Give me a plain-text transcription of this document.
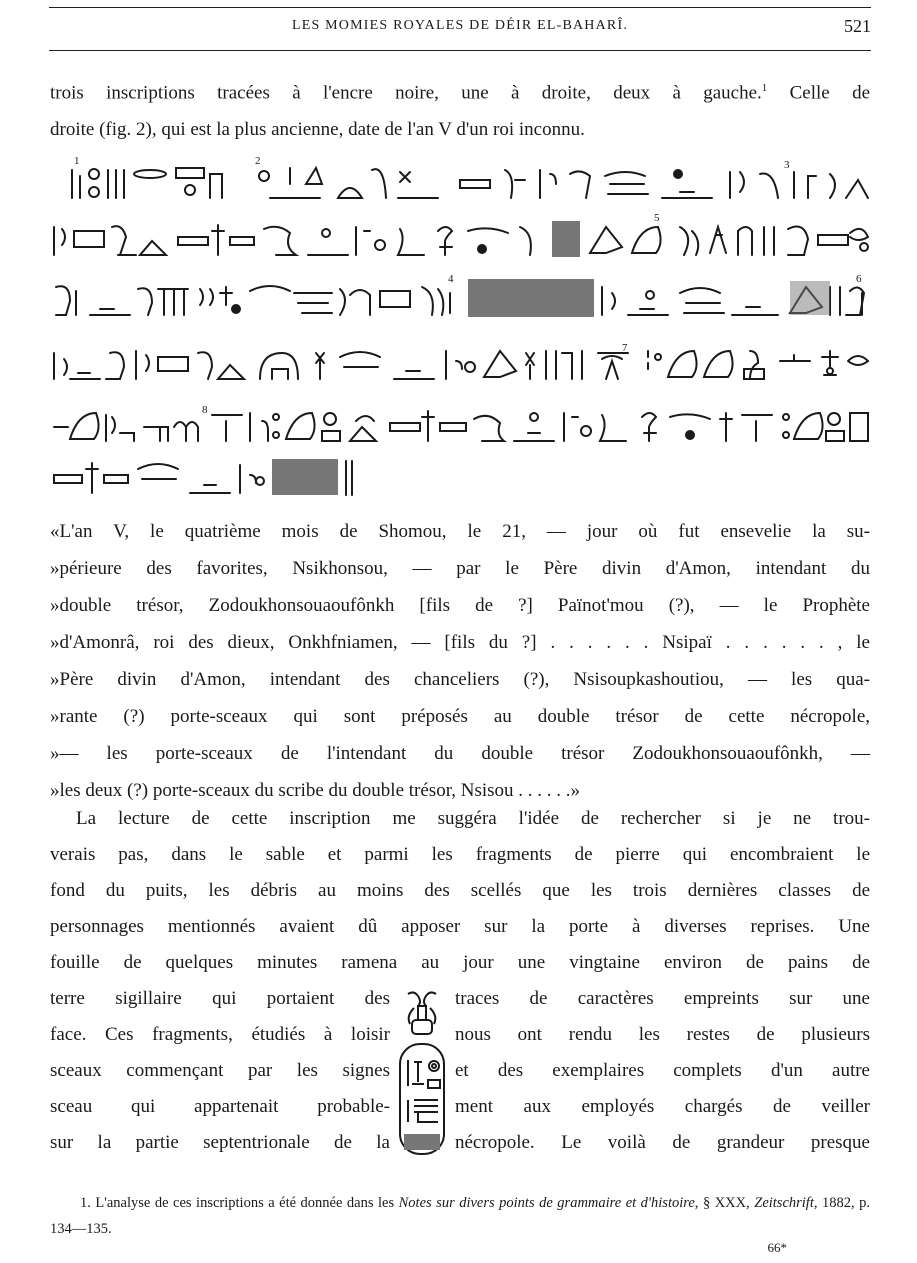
LES MOMIES ROYALES DE DÉIR EL-BAHARÎ.	521
trois inscriptions tracées à l'encre noire, une à droite, deux à gauche.$^1$ Celle de
droite (fig. 2), qui est la plus ancienne, date de l'an V d'un roi inconnu.
1	2	3
4
5
6
7
8
«L'an V, le quatrième mois de Shomou, le 21, — jour où fut ensevelie la su-
»périeure des favorites, Nsikhonsou, — par le Père divin d'Amon, intendant du
»double trésor, Zodoukhonsouaoufônkh [fils de ?] Païnot'mou (?), — le Prophète
»d'Amonrâ, roi des dieux, Onkhfniamen, — [fils du ?] . . . . . . Nsipaï . . . . . . , le
»Père divin d'Amon, intendant des chanceliers (?), Nsisoupkashoutiou, — les qua-
»rante (?) porte-sceaux qui sont préposés au double trésor de cette nécropole,
»— les porte-sceaux de l'intendant du double trésor Zodoukhonsouaoufônkh, —
»les deux (?) porte-sceaux du scribe du double trésor, Nsisou . . . . . .»
La lecture de cette inscription me suggéra l'idée de rechercher si je ne trou-
verais pas, dans le sable et parmi les fragments de pierre qui encombraient le
fond du puits, les débris au moins des scellés que les trois dernières classes de
personnages mentionnés avaient dû apposer sur la porte à diverses reprises. Une
fouille de quelques minutes ramena au jour une vingtaine environ de pains de
terre sigillaire qui portaient des
face. Ces fragments, étudiés à loisir
sceaux commençant par les signes
sceau qui appartenait probable-
sur la partie septentrionale de la
traces de caractères empreints sur une
nous ont rendu les restes de plusieurs
et des exemplaires complets d'un autre
ment aux employés chargés de veiller
nécropole. Le voilà de grandeur presque
1. L'analyse de ces inscriptions a été donnée dans les Notes sur divers points de grammaire et d'histoire, § XXX, Zeitschrift, 1882, p. 134—135.
66*
